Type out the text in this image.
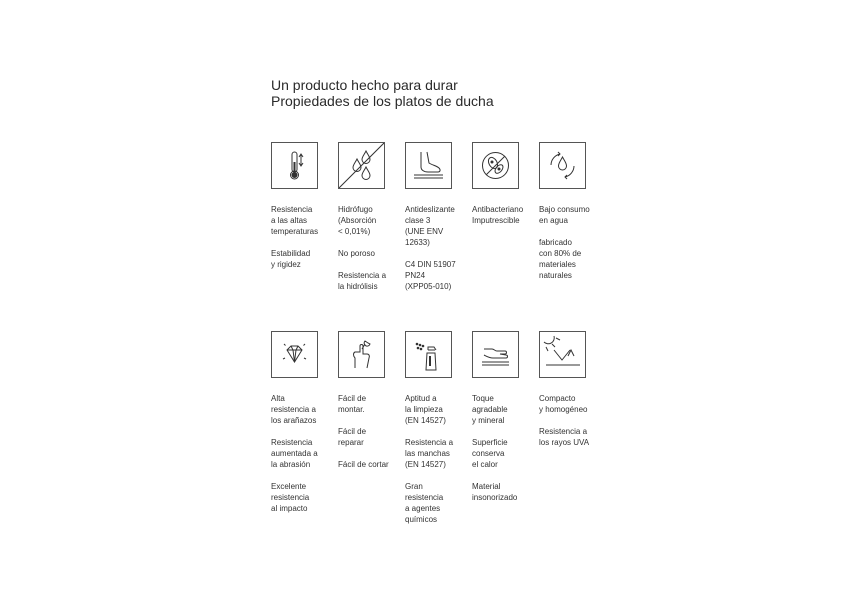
Un producto hecho para durar
Propiedades de los platos de ducha

Resistencia
a las altas
temperaturas

Estabilidad
y rigidez

Hidrófugo
(Absorción
< 0,01%)

No poroso

Resistencia a
la hidrólisis

Antideslizante
clase 3
(UNE ENV
12633)

C4 DIN 51907
PN24
(XPP05-010)

Antibacteriano
Imputrescible

Bajo consumo
en agua

fabricado
con 80% de
materiales
naturales

Alta
resistencia a
los arañazos

Resistencia
aumentada a
la abrasión

Excelente
resistencia
al impacto

Fácil de
montar.

Fácil de
reparar

Fácil de cortar

Aptitud a
la limpieza
(EN 14527)

Resistencia a
las manchas
(EN 14527)

Gran
resistencia
a agentes
químicos

Toque
agradable
y mineral

Superficie
conserva
el calor

Material
insonorizado

Compacto
y homogéneo

Resistencia a
los rayos UVA
